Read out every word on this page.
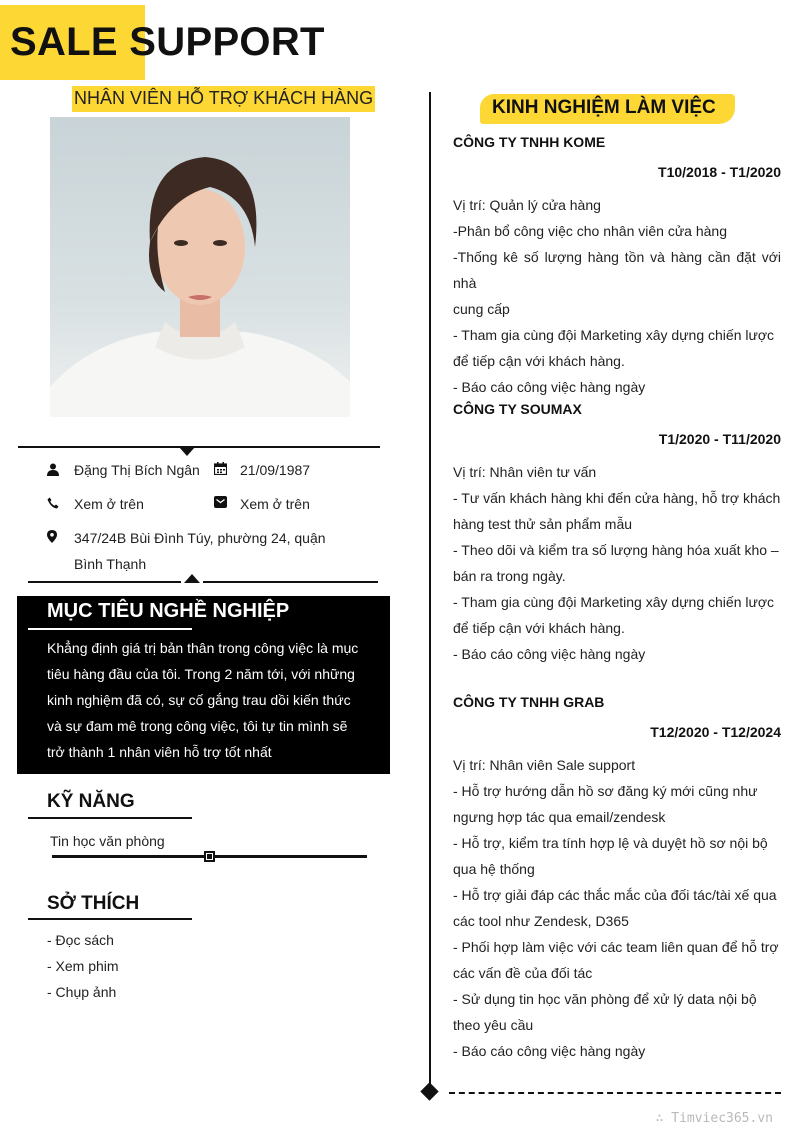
SALE SUPPORT
NHÂN VIÊN HỖ TRỢ KHÁCH HÀNG
Đặng Thị Bích Ngân	21/09/1987
Xem ở trên	Xem ở trên
347/24B Bùi Đình Túy, phường 24, quận
Bình Thạnh
MỤC TIÊU NGHỀ NGHIỆP
Khẳng định giá trị bản thân trong công việc là mục
tiêu hàng đầu của tôi. Trong 2 năm tới, với những
kinh nghiệm đã có, sự cố gắng trau dồi kiến thức
và sự đam mê trong công việc, tôi tự tin mình sẽ
trở thành 1 nhân viên hỗ trợ tốt nhất
KỸ NĂNG
Tin học văn phòng
SỞ THÍCH
- Đọc sách
- Xem phim
- Chụp ảnh
KINH NGHIỆM LÀM VIỆC
CÔNG TY TNHH KOME
T10/2018 - T1/2020
Vị trí: Quản lý cửa hàng
-Phân bổ công việc cho nhân viên cửa hàng
-Thống kê số lượng hàng tồn và hàng cần đặt với nhà
cung cấp
- Tham gia cùng đội Marketing xây dựng chiến lược
để tiếp cận với khách hàng.
- Báo cáo công việc hàng ngày
CÔNG TY SOUMAX
T1/2020 - T11/2020
Vị trí: Nhân viên tư vấn
- Tư vấn khách hàng khi đến cửa hàng, hỗ trợ khách
hàng test thử sản phẩm mẫu
- Theo dõi và kiểm tra số lượng hàng hóa xuất kho –
bán ra trong ngày.
- Tham gia cùng đội Marketing xây dựng chiến lược
để tiếp cận với khách hàng.
- Báo cáo công việc hàng ngày
CÔNG TY TNHH GRAB
T12/2020 - T12/2024
Vị trí: Nhân viên Sale support
- Hỗ trợ hướng dẫn hồ sơ đăng ký mới cũng như
ngưng hợp tác qua email/zendesk
- Hỗ trợ, kiểm tra tính hợp lệ và duyệt hồ sơ nội bộ
qua hệ thống
- Hỗ trợ giải đáp các thắc mắc của đối tác/tài xế qua
các tool như Zendesk, D365
- Phối hợp làm việc với các team liên quan để hỗ trợ
các vấn đề của đối tác
- Sử dụng tin học văn phòng để xử lý data nội bộ
theo yêu cầu
- Báo cáo công việc hàng ngày
∴ Timviec365.vn
